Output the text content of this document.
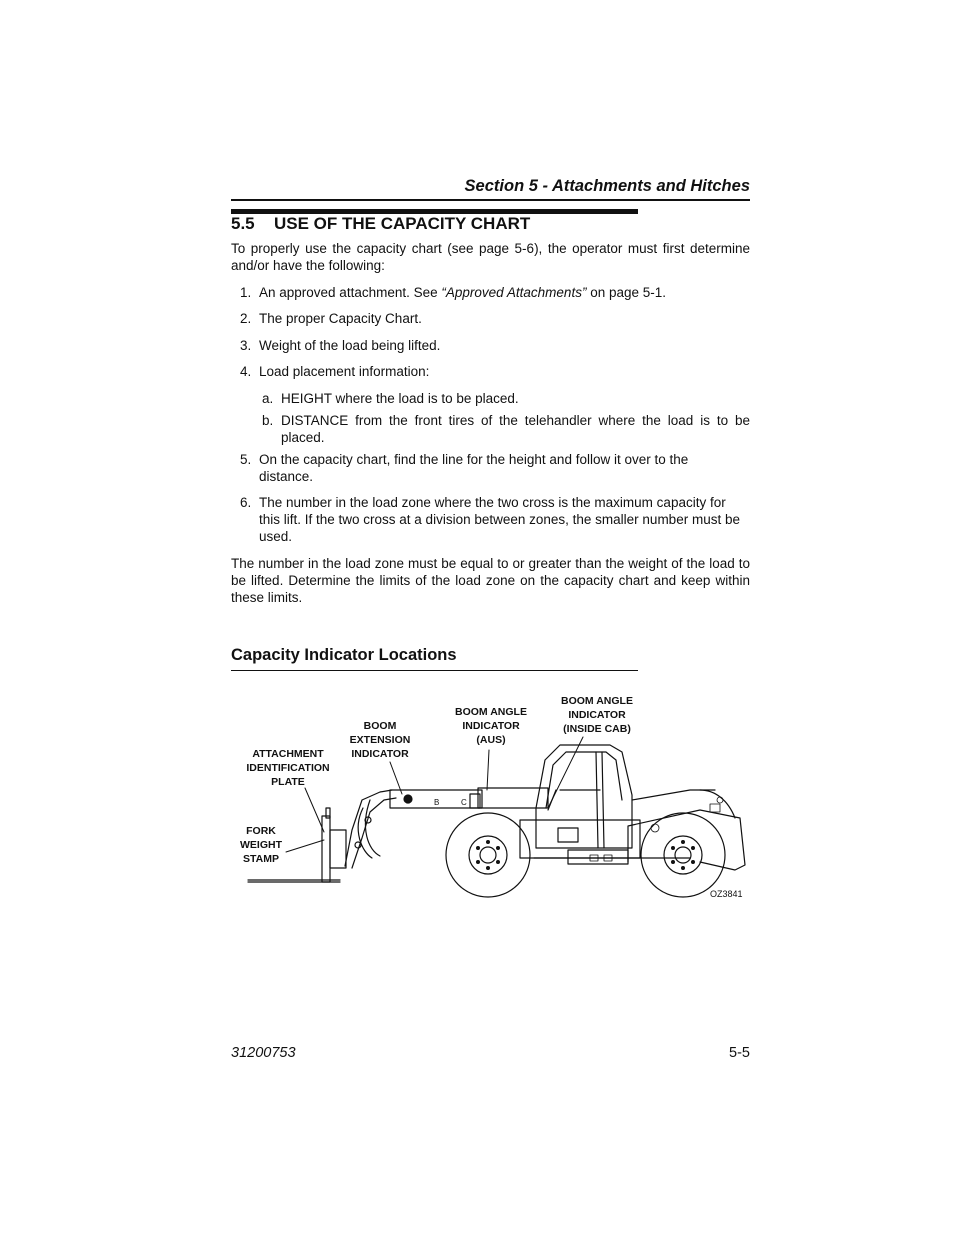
Section 5 - Attachments and Hitches
5.5 USE OF THE CAPACITY CHART
To properly use the capacity chart (see page 5-6), the operator must first determine and/or have the following:
1. An approved attachment. See “Approved Attachments” on page 5-1.
2. The proper Capacity Chart.
3. Weight of the load being lifted.
4. Load placement information:
a. HEIGHT where the load is to be placed.
b. DISTANCE from the front tires of the telehandler where the load is to be placed.
5. On the capacity chart, find the line for the height and follow it over to the distance.
6. The number in the load zone where the two cross is the maximum capacity for this lift. If the two cross at a division between zones, the smaller number must be used.
The number in the load zone must be equal to or greater than the weight of the load to be lifted. Determine the limits of the load zone on the capacity chart and keep within these limits.
Capacity Indicator Locations
ATTACHMENT
IDENTIFICATION
PLATE
FORK
WEIGHT
STAMP
BOOM
EXTENSION
INDICATOR
BOOM ANGLE
INDICATOR
(AUS)
BOOM ANGLE
INDICATOR
(INSIDE CAB)
B	C
OZ3841
31200753	5-5
